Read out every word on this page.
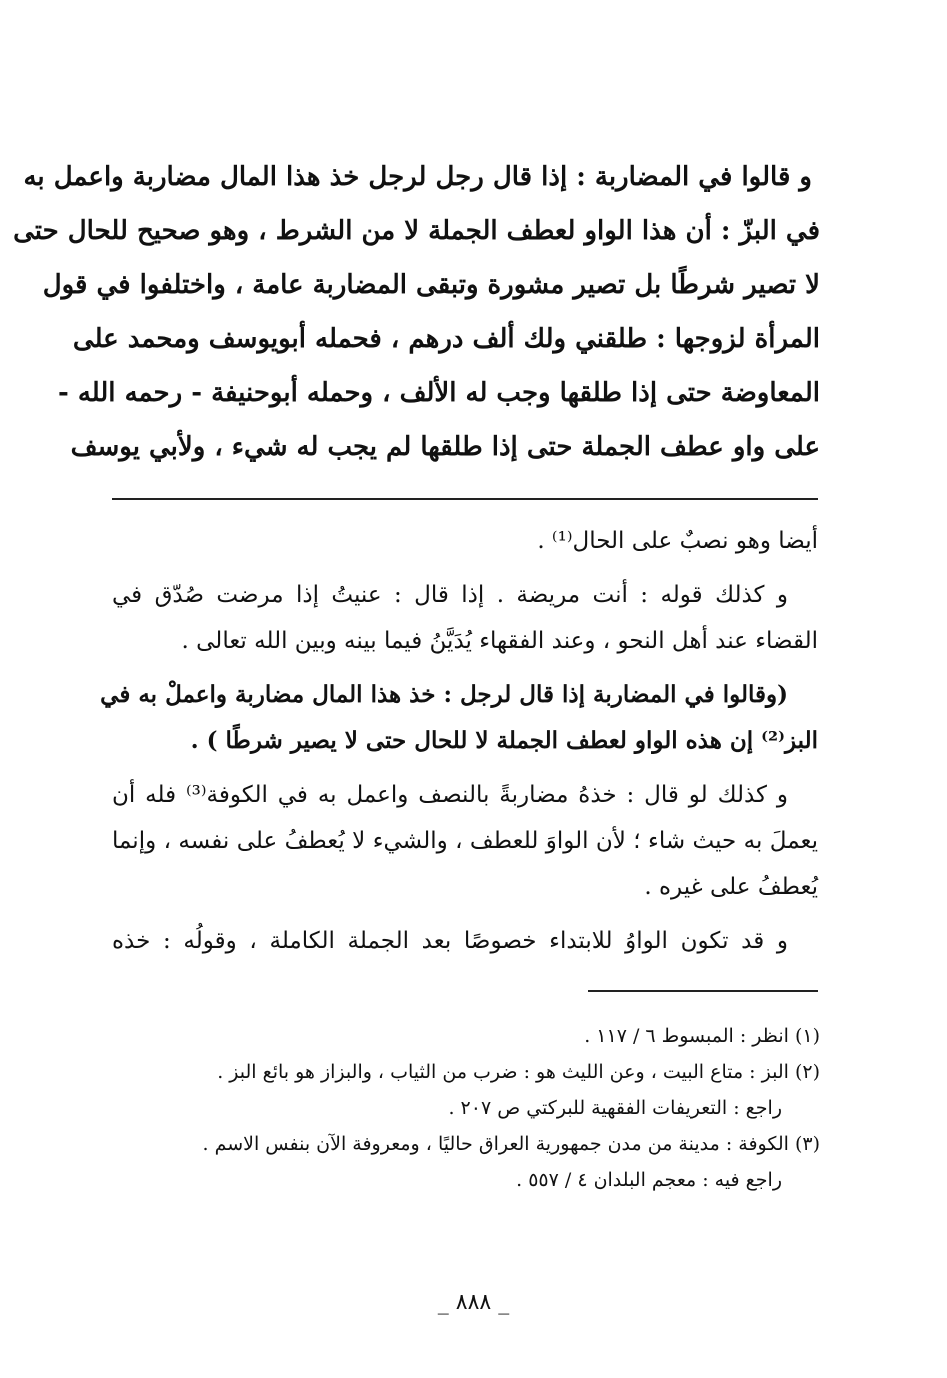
و قالوا في المضاربة : إذا قال رجل لرجل خذ هذا المال مضاربة واعمل به
في البزّ : أن هذا الواو لعطف الجملة لا من الشرط ، وهو صحيح للحال حتى
لا تصير شرطًا بل تصير مشورة وتبقى المضاربة عامة ، واختلفوا في قول
المرأة لزوجها : طلقني ولك ألف درهم ، فحمله أبويوسف ومحمد على
المعاوضة حتى إذا طلقها وجب له الألف ، وحمله أبوحنيفة - رحمه الله -
على واو عطف الجملة حتى إذا طلقها لم يجب له شيء ، ولأبي يوسف
أيضا وهو نصبٌ على الحال⁽¹⁾ .
و كذلك قوله : أنت مريضة . إذا قال : عنيتُ إذا مرضت صُدّق في
القضاء عند أهل النحو ، وعند الفقهاء يُدَيَّنُ فيما بينه وبين الله تعالى .
(وقالوا في المضاربة إذا قال لرجل : خذ هذا المال مضاربة واعملْ به في
البز⁽²⁾ إن هذه الواو لعطف الجملة لا للحال حتى لا يصير شرطًا ) .
و كذلك لو قال : خذهُ مضاربةً بالنصف واعمل به في الكوفة⁽³⁾ فله أن
يعملَ به حيث شاء ؛ لأن الواوَ للعطف ، والشيء لا يُعطفُ على نفسه ، وإنما
يُعطفُ على غيره .
و قد تكون الواوُ للابتداء خصوصًا بعد الجملة الكاملة ، وقولُه : خذه
(١) انظر : المبسوط ٦ / ١١٧ .
(٢) البز : متاع البيت ، وعن الليث هو : ضرب من الثياب ، والبزاز هو بائع البز .
راجع : التعريفات الفقهية للبركتي ص ٢٠٧ .
(٣) الكوفة : مدينة من مدن جمهورية العراق حاليًا ، ومعروفة الآن بنفس الاسم .
راجع فيه : معجم البلدان ٤ / ٥٥٧ .
_ ٨٨٨ _
